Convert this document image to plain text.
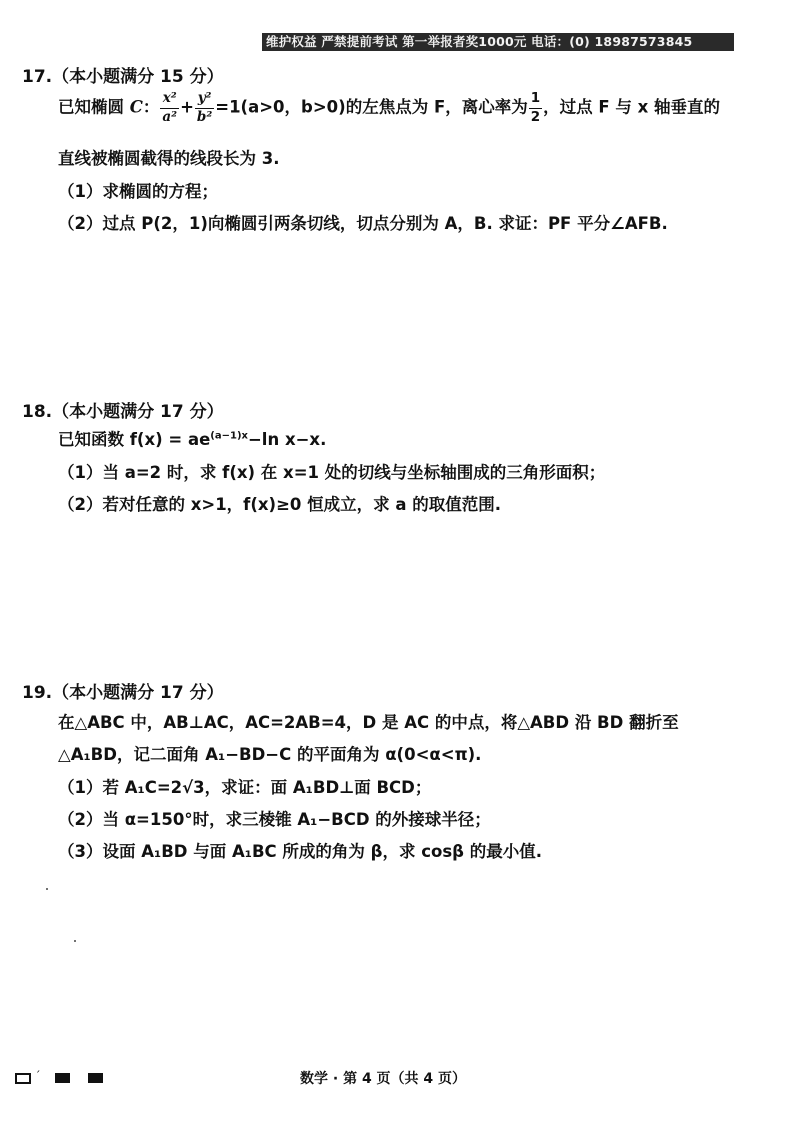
维护权益 严禁提前考试 第一举报者奖1000元 电话：(0) 18987573845
17.（本小题满分 15 分）
已知椭圆 C： $\frac{\text{x²}}{\text{a²}} + \frac{\text{y²}}{\text{b²}} =1(a>0$，b>0)的左焦点为 F，离心率为 $\frac{1}{2}$ ，过点 F 与 x 轴垂直的
直线被椭圆截得的线段长为 3.
（1）求椭圆的方程；
（2）过点 P(2，1)向椭圆引两条切线，切点分别为 A，B. 求证：PF 平分∠AFB.
18.（本小题满分 17 分）
已知函数 $f(x) = ae^{(a-1)x}-\ln$ x−x.
（1）当 a=2 时，求 f(x) 在 x=1 处的切线与坐标轴围成的三角形面积；
（2）若对任意的 x>1，f(x)≥0 恒成立，求 a 的取值范围.
19.（本小题满分 17 分）
在△ABC 中，AB⊥AC，AC=2AB=4，D 是 AC 的中点，将△ABD 沿 BD 翻折至
△A₁BD，记二面角 A₁−BD−C 的平面角为 α(0<α<π).
（1）若 A₁C=2√3，求证：面 A₁BD⊥面 BCD；
（2）当 α=150°时，求三棱锥 A₁−BCD 的外接球半径；
（3）设面 A₁BD 与面 A₁BC 所成的角为 β，求 cosβ 的最小值.
´	数学 · 第 4 页（共 4 页）
